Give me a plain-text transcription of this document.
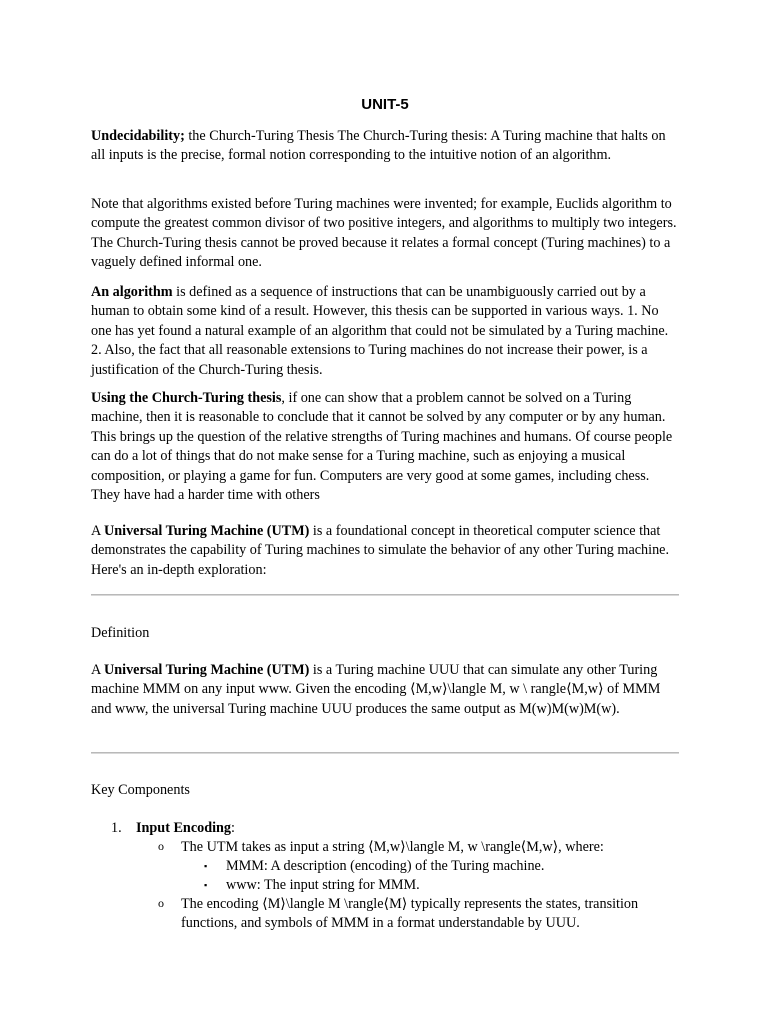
UNIT-5

Undecidability; the Church-Turing Thesis The Church-Turing thesis: A Turing machine that halts on all inputs is the precise, formal notion corresponding to the intuitive notion of an algorithm.

Note that algorithms existed before Turing machines were invented; for example, Euclids algorithm to compute the greatest common divisor of two positive integers, and algorithms to multiply two integers. The Church-Turing thesis cannot be proved because it relates a formal concept (Turing machines) to a vaguely defined informal one.

An algorithm is defined as a sequence of instructions that can be unambiguously carried out by a human to obtain some kind of a result. However, this thesis can be supported in various ways. 1. No one has yet found a natural example of an algorithm that could not be simulated by a Turing machine. 2. Also, the fact that all reasonable extensions to Turing machines do not increase their power, is a justification of the Church-Turing thesis.

Using the Church-Turing thesis, if one can show that a problem cannot be solved on a Turing machine, then it is reasonable to conclude that it cannot be solved by any computer or by any human. This brings up the question of the relative strengths of Turing machines and humans. Of course people can do a lot of things that do not make sense for a Turing machine, such as enjoying a musical composition, or playing a game for fun. Computers are very good at some games, including chess. They have had a harder time with others

A Universal Turing Machine (UTM) is a foundational concept in theoretical computer science that demonstrates the capability of Turing machines to simulate the behavior of any other Turing machine. Here's an in-depth exploration:

Definition

A Universal Turing Machine (UTM) is a Turing machine UUU that can simulate any other Turing machine MMM on any input www. Given the encoding ⟨M,w⟩\langle M, w \ rangle⟨M,w⟩ of MMM and www, the universal Turing machine UUU produces the same output as M(w)M(w)M(w).

Key Components

1. Input Encoding:
o The UTM takes as input a string ⟨M,w⟩\langle M, w \rangle⟨M,w⟩, where:
▪ MMM: A description (encoding) of the Turing machine.
▪ www: The input string for MMM.
o The encoding ⟨M⟩\langle M \rangle⟨M⟩ typically represents the states, transition functions, and symbols of MMM in a format understandable by UUU.
